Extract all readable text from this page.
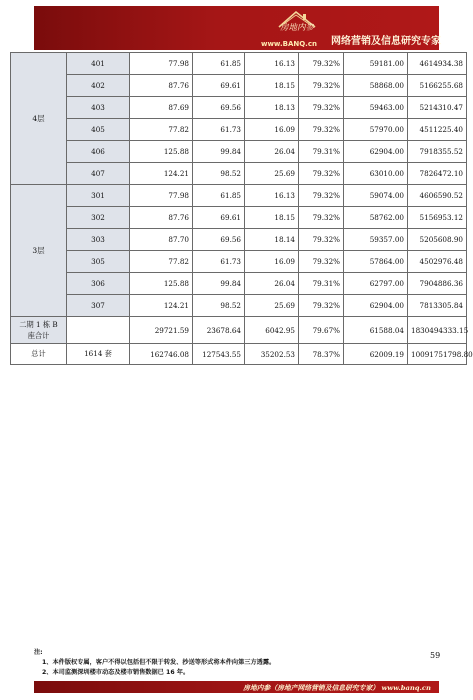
房地内参
www.BANQ.cn 网络营销及信息研究专家
4层	401	77.98	61.85	16.13	79.32%	59181.00	4614934.38
	402	87.76	69.61	18.15	79.32%	58868.00	5166255.68
	403	87.69	69.56	18.13	79.32%	59463.00	5214310.47
	405	77.82	61.73	16.09	79.32%	57970.00	4511225.40
	406	125.88	99.84	26.04	79.31%	62904.00	7918355.52
	407	124.21	98.52	25.69	79.32%	63010.00	7826472.10
3层	301	77.98	61.85	16.13	79.32%	59074.00	4606590.52
	302	87.76	69.61	18.15	79.32%	58762.00	5156953.12
	303	87.70	69.56	18.14	79.32%	59357.00	5205608.90
	305	77.82	61.73	16.09	79.32%	57864.00	4502976.48
	306	125.88	99.84	26.04	79.31%	62797.00	7904886.36
	307	124.21	98.52	25.69	79.32%	62904.00	7813305.84

二期 1 栋 B
座合计		29721.59	23678.64	6042.95	79.67%	61588.04	1830494333.15
总计	1614 套	162746.08	127543.55	35202.53	78.37%	62009.19	10091751798.80
注:
1、本件版权专属，客户不得以包括但不限于转发、抄送等形式将本件向第三方透露。
2、本司监测深圳楼市动态及楼市销售数据已 16 年。
59
房地内参（房地产网络营销及信息研究专家） www.banq.cn
